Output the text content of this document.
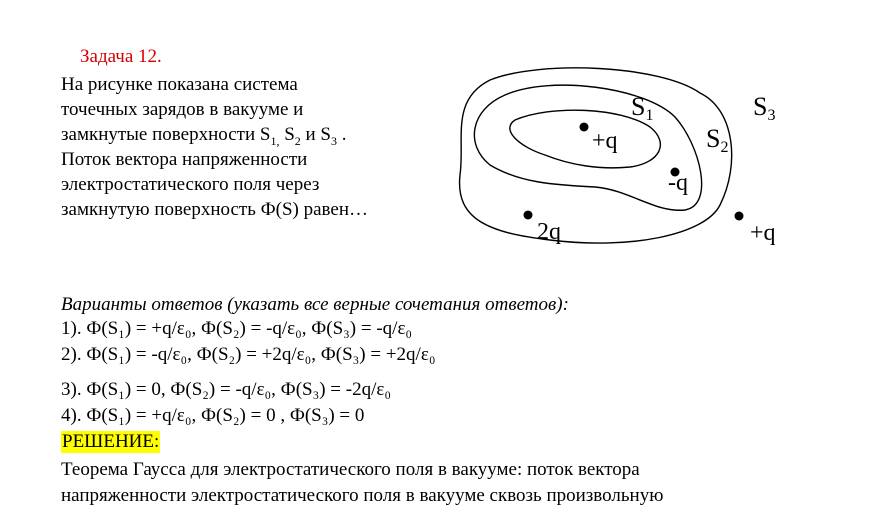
Задача 12.
На рисунке показана система
точечных зарядов в вакууме и
замкнутые поверхности $S_{1,}$ $S_2$ и $S_3$ .
Поток вектора напряженности
электростатического поля через
замкнутую поверхность Ф(S) равен…
+q
-q
2q	+q
S1
S2
S3
Варианты ответов (указать все верные сочетания ответов):
1). Ф(S₁) = +q/ε₀, Ф(S₂) = -q/ε₀, Ф(S₃) = -q/ε₀
2). Ф(S₁) = -q/ε₀, Ф(S₂) = +2q/ε₀, Ф(S₃) = +2q/ε₀
3). Ф(S₁) = 0, Ф(S₂) = -q/ε₀, Ф(S₃) = -2q/ε₀
4). Ф(S₁) = +q/ε₀, Ф(S₂) = 0 , Ф(S₃) = 0
РЕШЕНИЕ:
Теорема Гаусса для электростатического поля в вакууме: поток вектора
напряженности электростатического поля в вакууме сквозь произвольную
